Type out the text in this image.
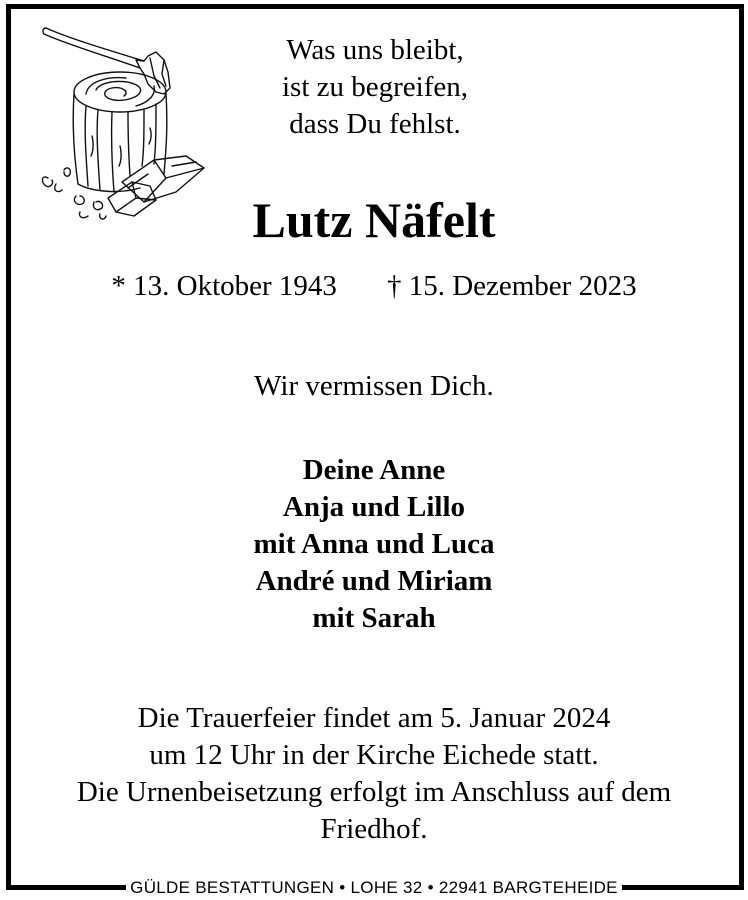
Was uns bleibt,
ist zu begreifen,
dass Du fehlst.
Lutz Näfelt
* 13. Oktober 1943 † 15. Dezember 2023
Wir vermissen Dich.
Deine Anne
Anja und Lillo
mit Anna und Luca
André und Miriam
mit Sarah
Die Trauerfeier findet am 5. Januar 2024
um 12 Uhr in der Kirche Eichede statt.
Die Urnenbeisetzung erfolgt im Anschluss auf dem
Friedhof.
GÜLDE BESTATTUNGEN • LOHE 32 • 22941 BARGTEHEIDE
